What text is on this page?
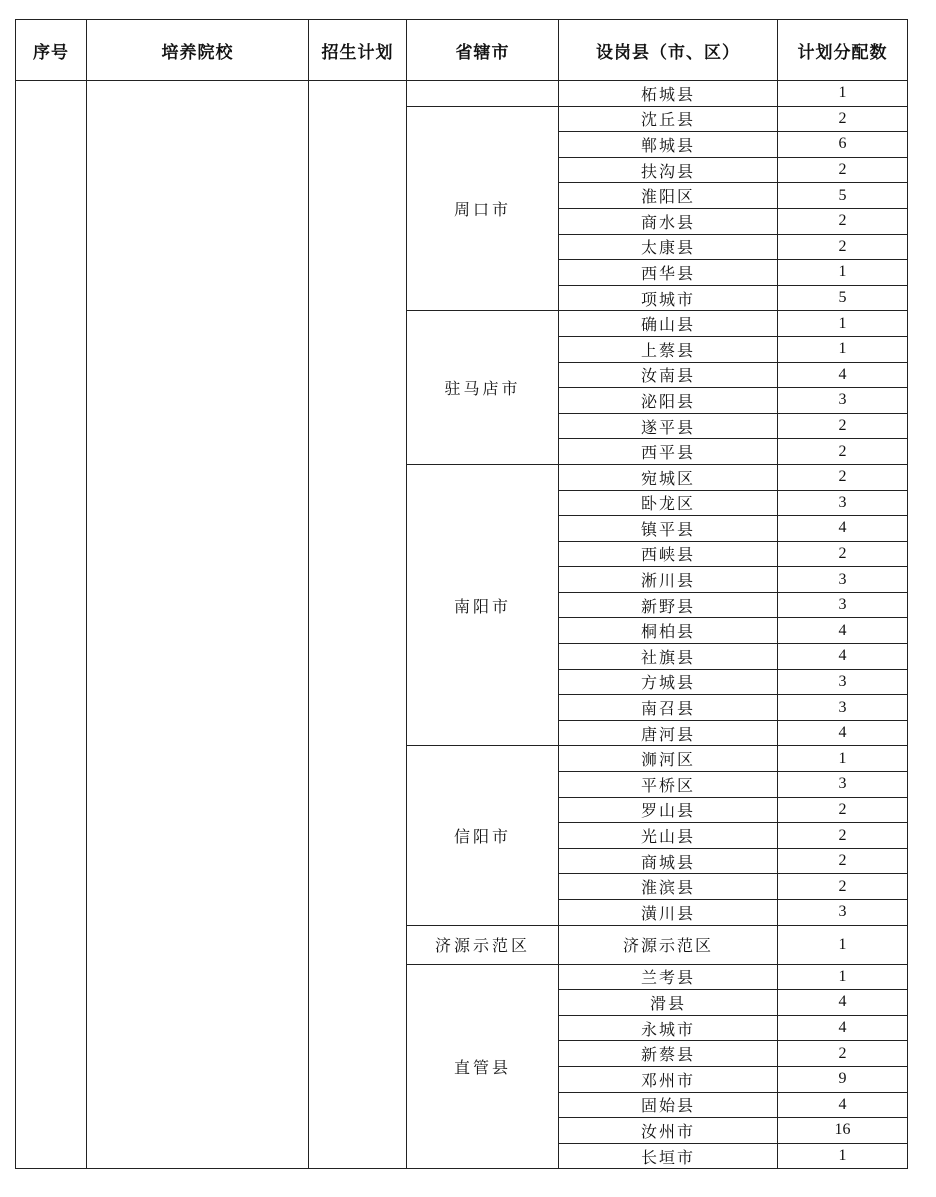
序号	培养院校	招生计划	省辖市	设岗县（市、区）	计划分配数
				柘城县	1
			周口市	沈丘县	2
				郸城县	6
				扶沟县	2
				淮阳区	5
				商水县	2
				太康县	2
				西华县	1
				项城市	5
			驻马店市	确山县	1
				上蔡县	1
				汝南县	4
				泌阳县	3
				遂平县	2
				西平县	2
			南阳市	宛城区	2
				卧龙区	3
				镇平县	4
				西峡县	2
				淅川县	3
				新野县	3
				桐柏县	4
				社旗县	4
				方城县	3
				南召县	3
				唐河县	4
			信阳市	浉河区	1
				平桥区	3
				罗山县	2
				光山县	2
				商城县	2
				淮滨县	2
				潢川县	3
			济源示范区	济源示范区	1
			直管县	兰考县	1
				滑县	4
				永城市	4
				新蔡县	2
				邓州市	9
				固始县	4
				汝州市	16
				长垣市	1
